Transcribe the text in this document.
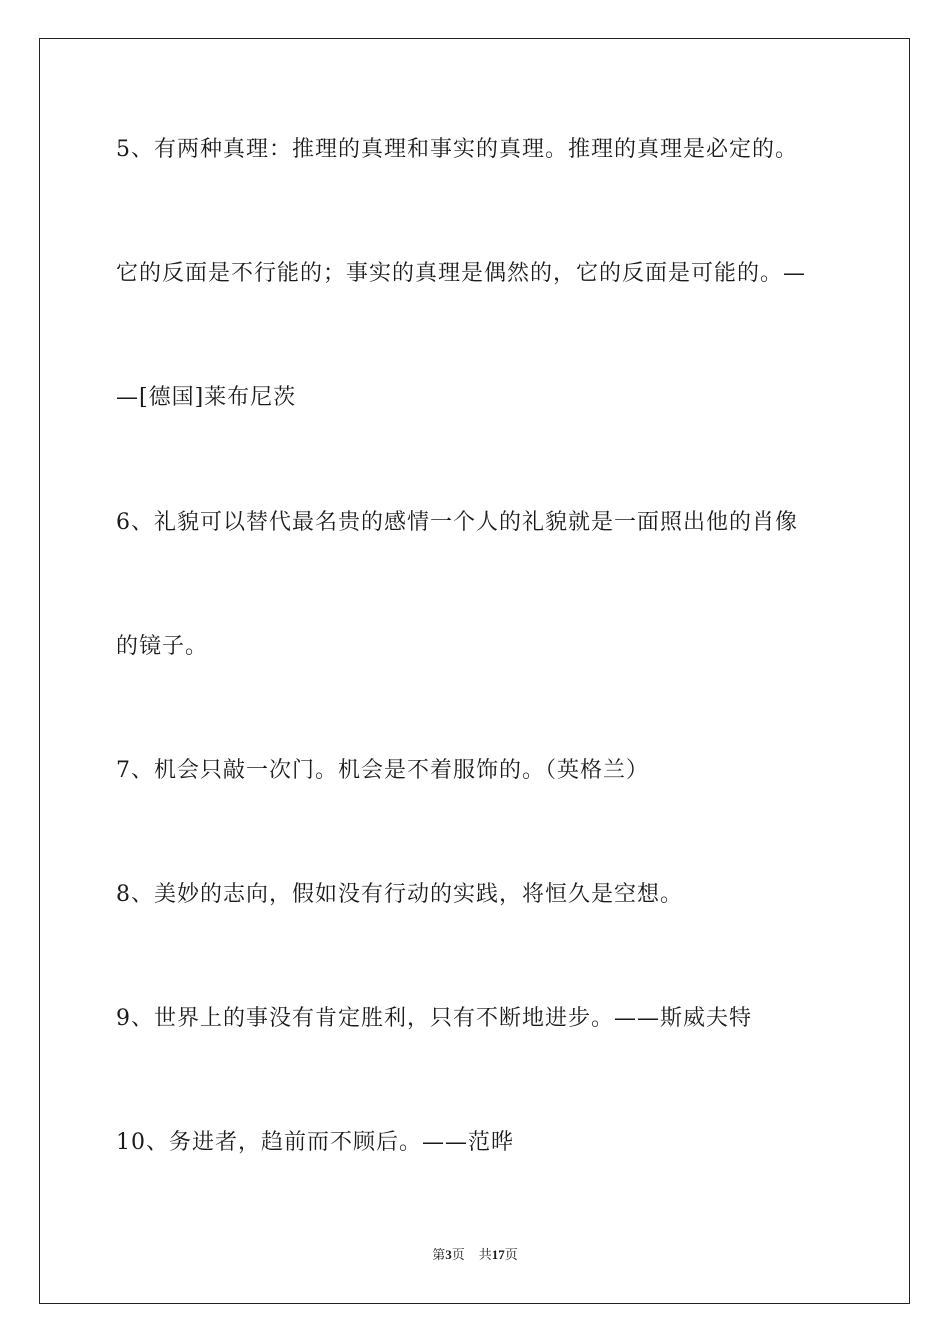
5、有两种真理：推理的真理和事实的真理。推理的真理是必定的。
它的反面是不行能的；事实的真理是偶然的，它的反面是可能的。—
—[德国]莱布尼茨
6、礼貌可以替代最名贵的感情一个人的礼貌就是一面照出他的肖像
的镜子。
7、机会只敲一次门。机会是不着服饰的。（英格兰）
8、美妙的志向，假如没有行动的实践，将恒久是空想。
9、世界上的事没有肯定胜利，只有不断地进步。——斯威夫特
10、务进者，趋前而不顾后。——范晔
第3页 共17页
